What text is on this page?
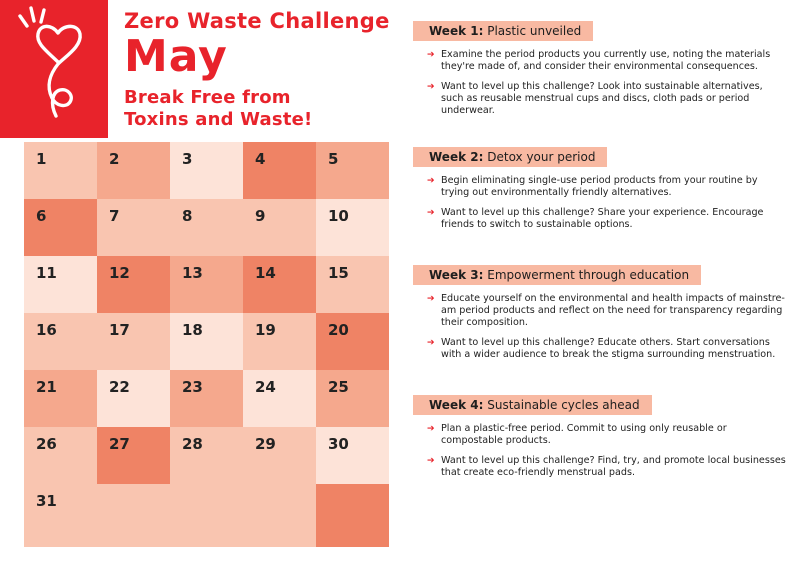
Zero Waste Challenge
May
Break Free from
Toxins and Waste!
1	2	3	4	5
6	7	8	9	10
11	12	13	14	15
16	17	18	19	20
21	22	23	24	25
26	27	28	29	30
31
Week 1: Plastic unveiled
➔ Examine the period products you currently use, noting the materials they're made of, and consider their environmental consequences.
➔ Want to level up this challenge? Look into sustainable alternatives, such as reusable menstrual cups and discs, cloth pads or period underwear.
Week 2: Detox your period
➔ Begin eliminating single-use period products from your routine by trying out environmentally friendly alternatives.
➔ Want to level up this challenge? Share your experience. Encourage friends to switch to sustainable options.
Week 3: Empowerment through education
➔ Educate yourself on the environmental and health impacts of mainstre-am period products and reflect on the need for transparency regarding their composition.
➔ Want to level up this challenge? Educate others. Start conversations with a wider audience to break the stigma surrounding menstruation.
Week 4: Sustainable cycles ahead
➔ Plan a plastic-free period. Commit to using only reusable or compostable products.
➔ Want to level up this challenge? Find, try, and promote local businesses that create eco-friendly menstrual pads.
